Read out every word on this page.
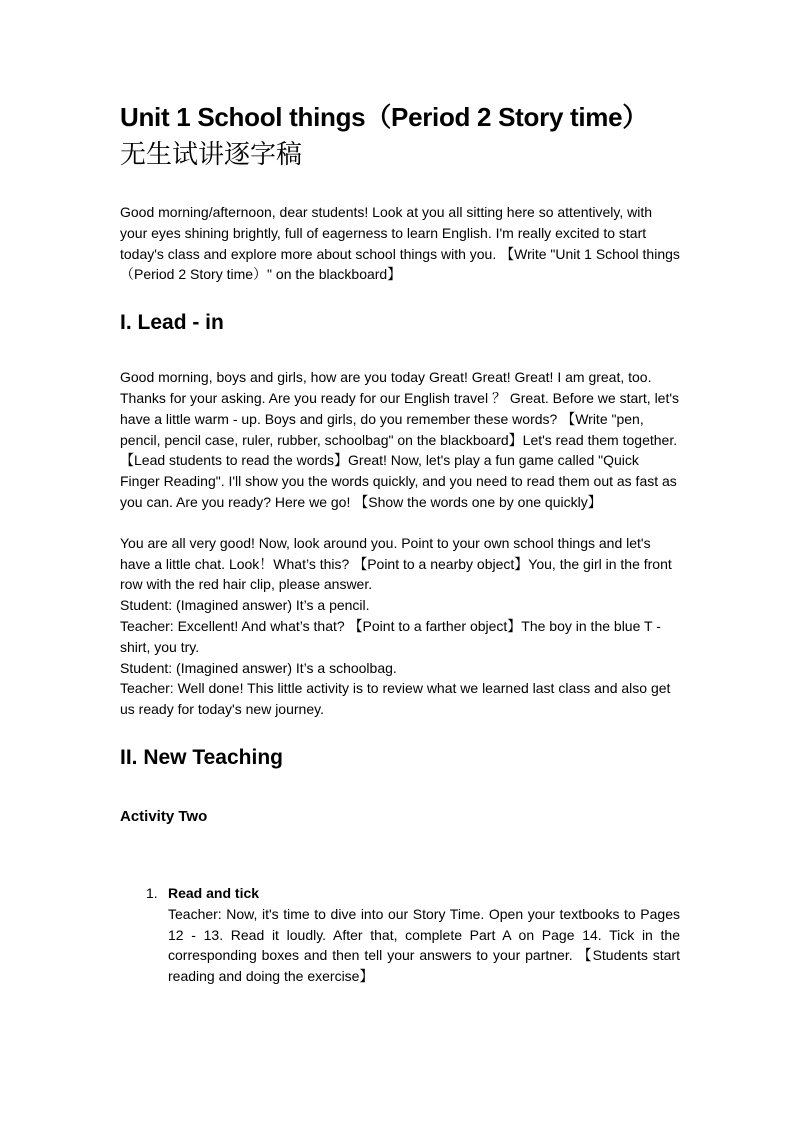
Unit 1 School things（Period 2 Story time）
无生试讲逐字稿

Good morning/afternoon, dear students! Look at you all sitting here so attentively, with your eyes shining brightly, full of eagerness to learn English. I'm really excited to start today's class and explore more about school things with you. 【Write "Unit 1 School things（Period 2 Story time）" on the blackboard】

I. Lead - in

Good morning, boys and girls, how are you today Great! Great! Great! I am great, too. Thanks for your asking. Are you ready for our English travel ？ Great. Before we start, let's have a little warm - up. Boys and girls, do you remember these words? 【Write "pen, pencil, pencil case, ruler, rubber, schoolbag" on the blackboard】Let's read them together. 【Lead students to read the words】Great! Now, let's play a fun game called "Quick Finger Reading". I'll show you the words quickly, and you need to read them out as fast as you can. Are you ready? Here we go! 【Show the words one by one quickly】

You are all very good! Now, look around you. Point to your own school things and let's have a little chat. Look！What’s this? 【Point to a nearby object】You, the girl in the front row with the red hair clip, please answer.

Student: (Imagined answer) It’s a pencil.

Teacher: Excellent! And what’s that? 【Point to a farther object】The boy in the blue T - shirt, you try.

Student: (Imagined answer) It’s a schoolbag.

Teacher: Well done! This little activity is to review what we learned last class and also get us ready for today's new journey.

II. New Teaching
Activity Two
1. Read and tick

Teacher: Now, it's time to dive into our Story Time. Open your textbooks to Pages 12 - 13. Read it loudly. After that, complete Part A on Page 14. Tick in the corresponding boxes and then tell your answers to your partner. 【Students start reading and doing the exercise】
